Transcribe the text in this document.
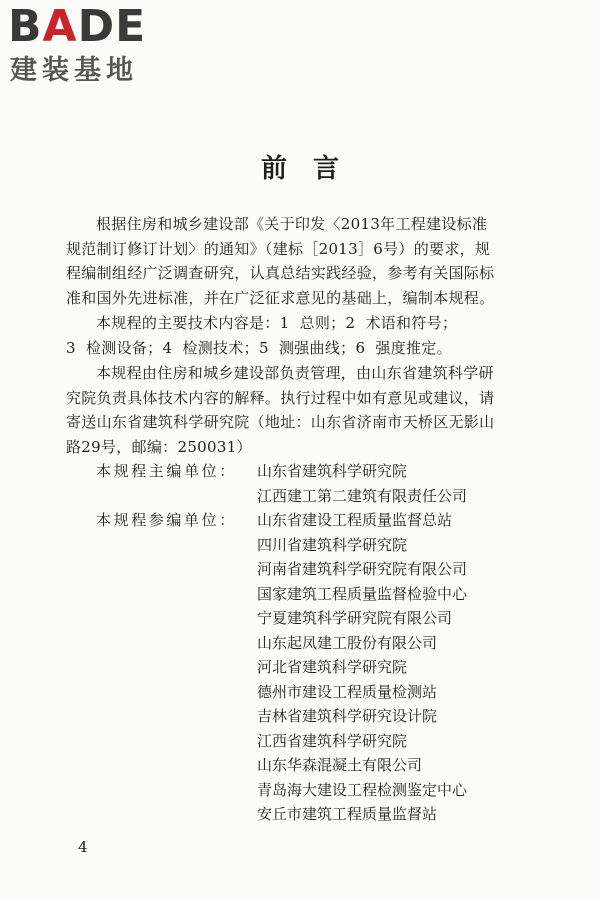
BADE
建装基地
前言
根据住房和城乡建设部《关于印发〈2013年工程建设标准
规范制订修订计划〉的通知》（建标［2013］6号）的要求，规
程编制组经广泛调查研究，认真总结实践经验，参考有关国际标
准和国外先进标准，并在广泛征求意见的基础上，编制本规程。
本规程的主要技术内容是：1  总则；2  术语和符号；
3  检测设备；4  检测技术；5  测强曲线；6  强度推定。
本规程由住房和城乡建设部负责管理，由山东省建筑科学研
究院负责具体技术内容的解释。执行过程中如有意见或建议，请
寄送山东省建筑科学研究院（地址：山东省济南市天桥区无影山
路29号，邮编：250031）
本规程主编单位：	山东省建筑科学研究院
江西建工第二建筑有限责任公司
本规程参编单位：	山东省建设工程质量监督总站
四川省建筑科学研究院
河南省建筑科学研究院有限公司
国家建筑工程质量监督检验中心
宁夏建筑科学研究院有限公司
山东起凤建工股份有限公司
河北省建筑科学研究院
德州市建设工程质量检测站
吉林省建筑科学研究设计院
江西省建筑科学研究院
山东华森混凝土有限公司
青岛海大建设工程检测鉴定中心
安丘市建筑工程质量监督站
4
